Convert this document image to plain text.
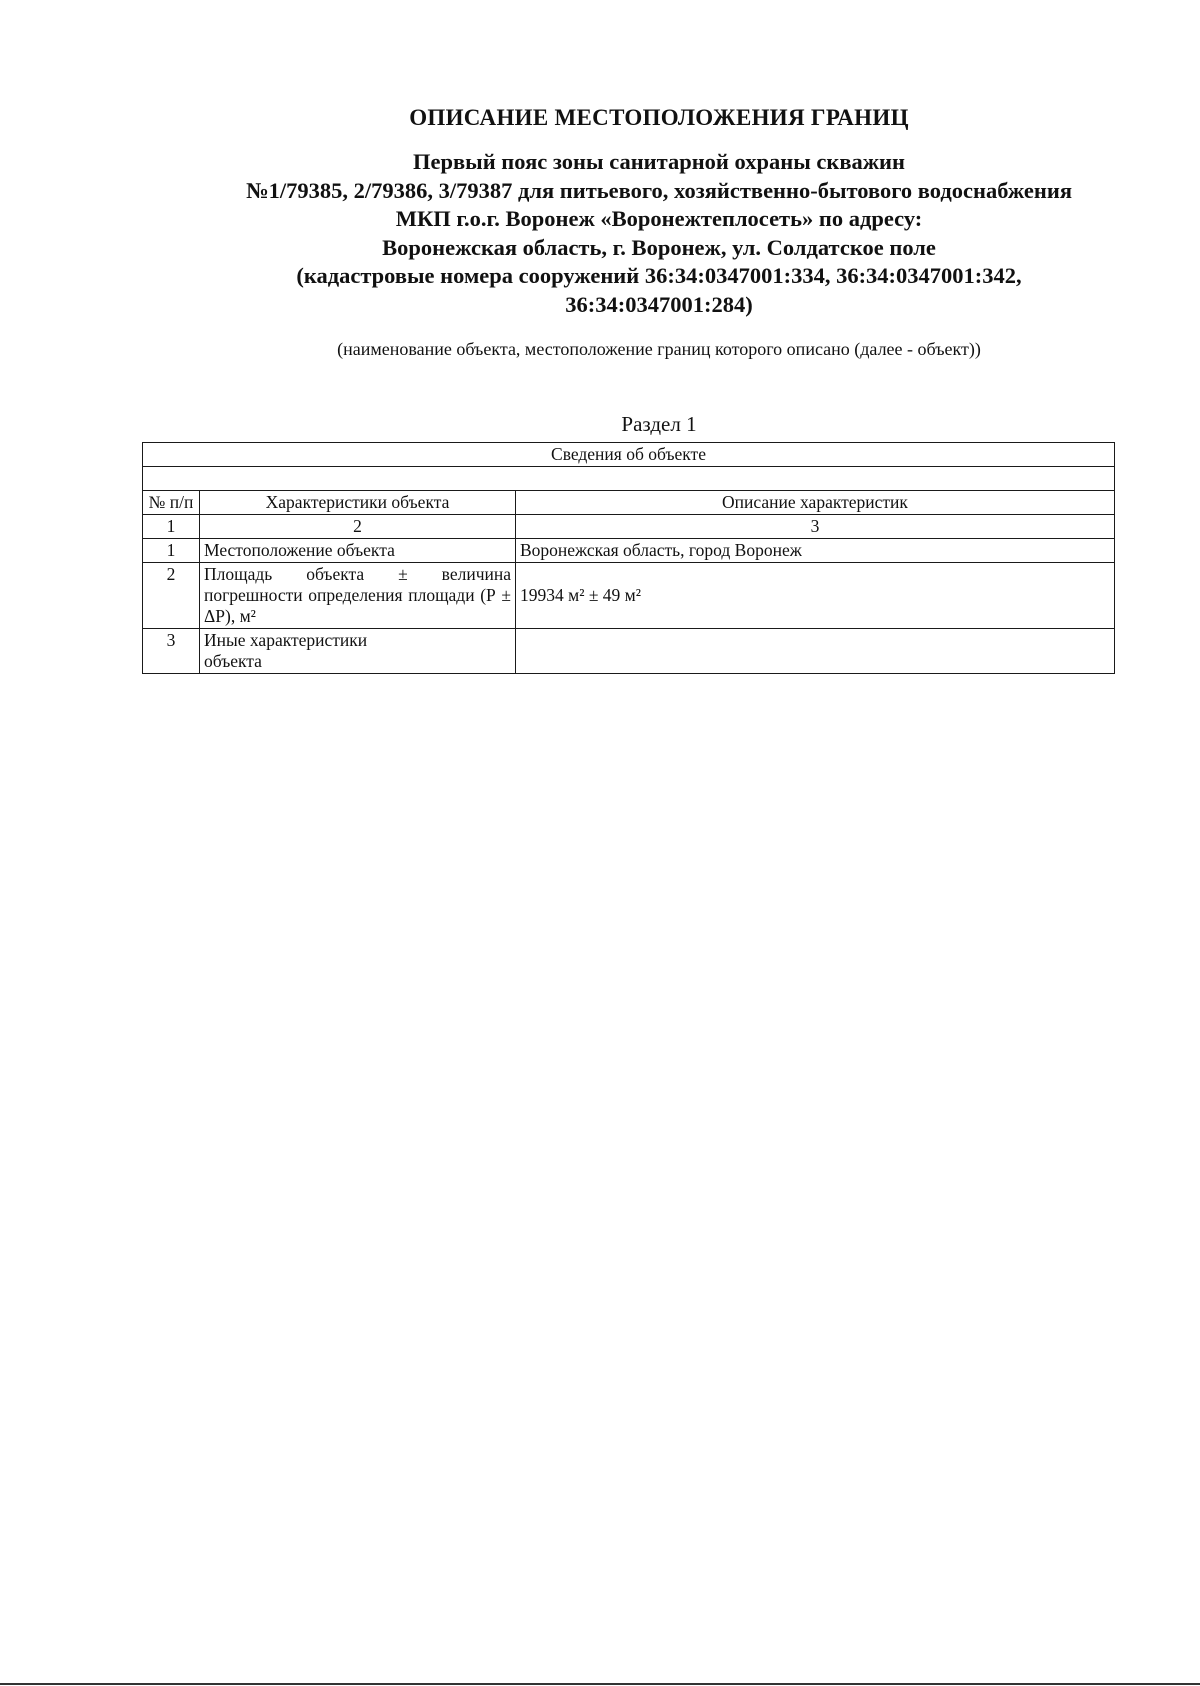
ОПИСАНИЕ МЕСТОПОЛОЖЕНИЯ ГРАНИЦ
Первый пояс зоны санитарной охраны скважин
№1/79385, 2/79386, 3/79387 для питьевого, хозяйственно-бытового водоснабжения
МКП г.о.г. Воронеж «Воронежтеплосеть» по адресу:
Воронежская область, г. Воронеж, ул. Солдатское поле
(кадастровые номера сооружений 36:34:0347001:334, 36:34:0347001:342,
36:34:0347001:284)
(наименование объекта, местоположение границ которого описано (далее - объект))
Раздел 1
Сведения об объекте		

№ п/п	Характеристики объекта	Описание характеристик
1	2	3
1	Местоположение объекта	Воронежская область, город Воронеж
2	Площадь объекта ± величина погрешности определения площади (Р ± ΔР), м²	19934 м² ± 49 м²
3	Иные характеристики объекта	
